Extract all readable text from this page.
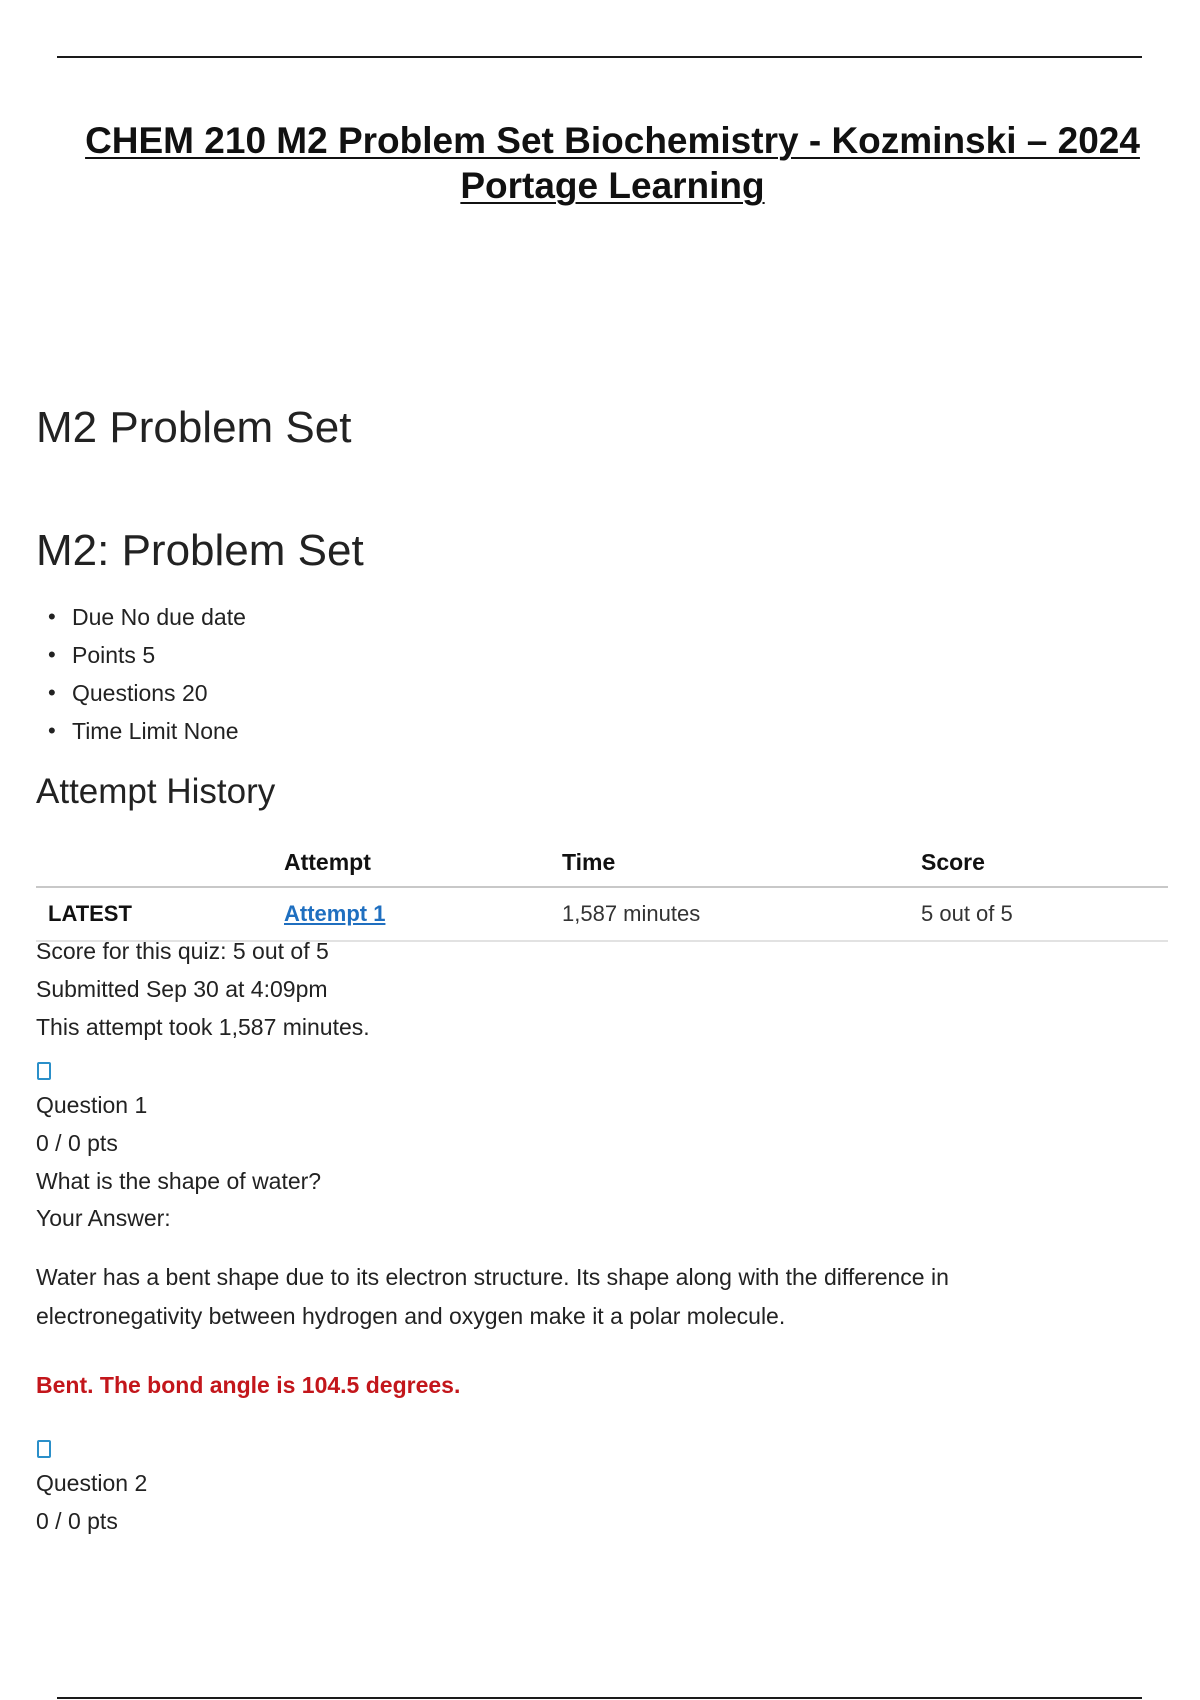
CHEM 210 M2 Problem Set Biochemistry - Kozminski – 2024
Portage Learning
M2 Problem Set
M2: Problem Set
• Due No due date
• Points 5
• Questions 20
• Time Limit None
Attempt History
	Attempt	Time	Score
LATEST	Attempt 1	1,587 minutes	5 out of 5
Score for this quiz: 5 out of 5
Submitted Sep 30 at 4:09pm
This attempt took 1,587 minutes.
Question 1
0 / 0 pts
What is the shape of water?
Your Answer:
Water has a bent shape due to its electron structure. Its shape along with the difference in electronegativity between hydrogen and oxygen make it a polar molecule.
Bent. The bond angle is 104.5 degrees.
Question 2
0 / 0 pts
